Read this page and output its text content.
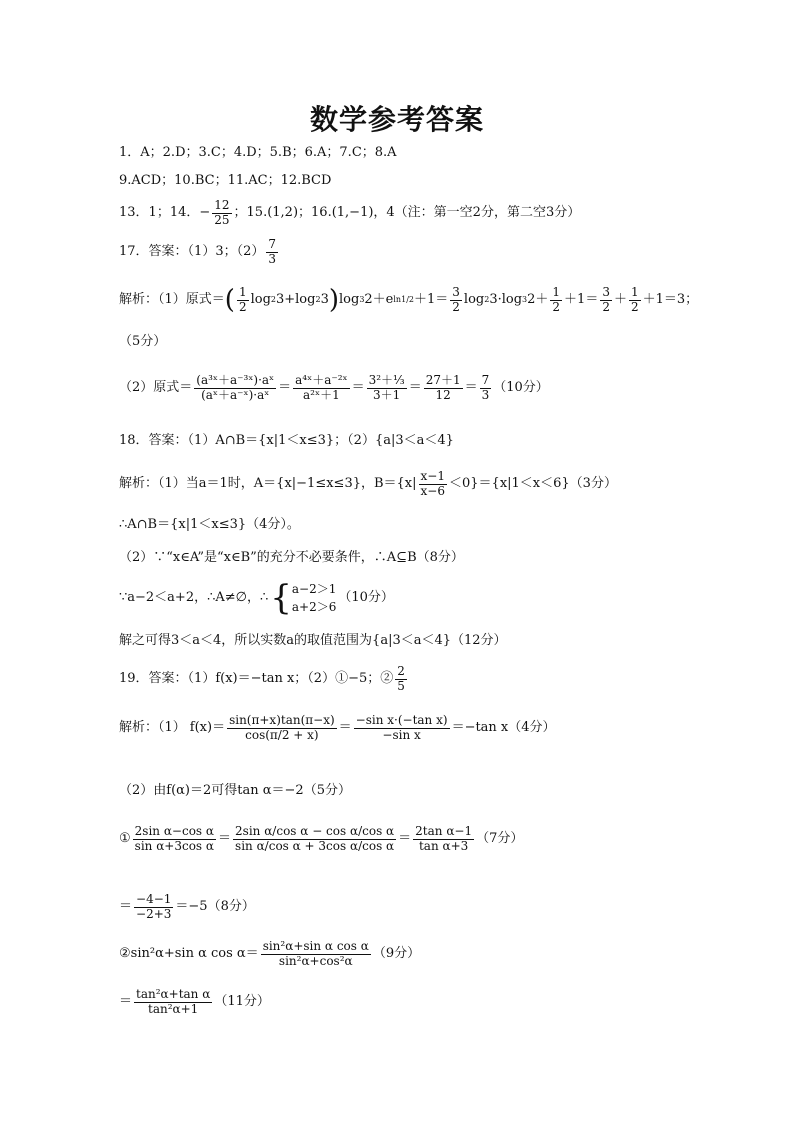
数学参考答案
1．A；2.D；3.C；4.D；5.B；6.A；7.C；8.A
9.ACD；10.BC；11.AC；12.BCD
13．1；14．− $\frac{12}{25}$ ；15.(1,2)；16.(1,−1)，4（注：第一空2分，第二空3分）
17．答案：（1）3；$(2) \frac{7}{3}$
解析：（1）原式＝ ( $\frac{1}{2}$ log 2 3+log 2 3 ) log 3 2＋e $\ln 1/2 +1= \frac{3}{2}$ log 2 3·log 3 $2+ \frac{1}{2} +1= \frac{3}{2} + \frac{1}{2} +1=3$；
（5分）
（2）原式＝ $\frac{\text{(a³ˣ＋a⁻³ˣ)·aˣ}}{\text{(aˣ＋a⁻ˣ)·aˣ}} = \frac{\text{a⁴ˣ＋a⁻²ˣ}}{\text{a²ˣ＋1}} = \frac{\text{3²＋⅓}}{3+1} = \frac{27+1}{12} = \frac{7}{3} (10$分）
18．答案：（1）A∩B＝{x|1＜x≤3}；（2）{a|3＜a＜4}
解析：（1）当a＝1时，A＝{x|−1≤x≤3}，$B=\{x| \frac{x-1}{x-6} <0\}=\{x|1<x<6\}(3$分）
∴A∩B＝{x|1＜x≤3}（4分）。
（2）∵“x∈A”是“x∈B”的充分不必要条件，∴A⊆B（8分）
∵a−2＜a+2，∴A≠∅，∴ { a−2＞1
a+2＞6
（10分）
解之可得3＜a＜4，所以实数a的取值范围为{a|3＜a＜4}（12分）
19．答案：（1）f(x)＝−tan x；（2）①−5；② $\frac{2}{5}$
解析：（1） $f(x)= \frac{\sin(\pi+x)\tan(\pi-x)}{\cos(\pi/2 + x)} = \frac{\text{−sin x·(−tan x)}}{\text{−sin x}} =-\tan$ x （4分）
（2）由f(α)＝2可得tan α＝−2（5分）
① $\frac{\text{2sin α−cos α}}{\text{sin α+3cos α}} = \frac{\text{2sin α/cos α − cos α/cos α}}{\text{sin α/cos α + 3cos α/cos α}} = \frac{\text{2tan α−1}}{\text{tan α+3}} (7$分）
＝ $\frac{-4-1}{-2+3} =-5(8$分）
②sin²α+sin α $\cos \alpha= \frac{\text{sin²α+sin α cos α}}{\text{sin²α+cos²α}} (9$分）
＝ $\frac{\text{tan²α+tan α}}{\text{tan²α+1}} (11$分）
